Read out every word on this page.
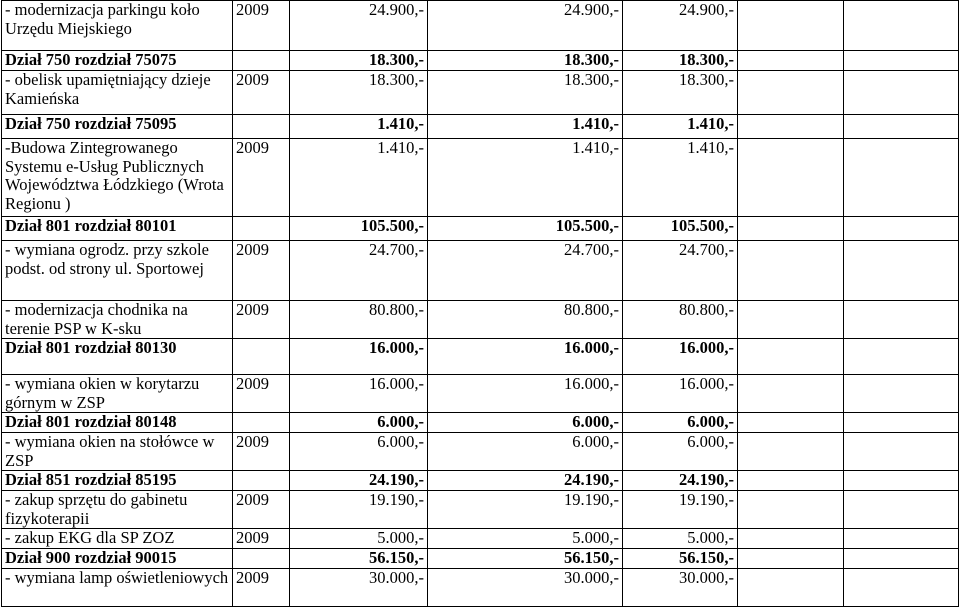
- modernizacja parkingu koło Urzędu Miejskiego	2009	24.900,-	24.900,-	24.900,-		
Dział 750 rozdział 75075		18.300,-	18.300,-	18.300,-		
- obelisk upamiętniający dzieje Kamieńska	2009	18.300,-	18.300,-	18.300,-		
Dział 750 rozdział 75095		1.410,-	1.410,-	1.410,-		
-Budowa Zintegrowanego Systemu e-Usług Publicznych Województwa Łódzkiego (Wrota Regionu )	2009	1.410,-	1.410,-	1.410,-		
Dział 801 rozdział 80101		105.500,-	105.500,-	105.500,-		
- wymiana ogrodz. przy szkole podst. od strony ul. Sportowej	2009	24.700,-	24.700,-	24.700,-		
- modernizacja chodnika na terenie PSP w K-sku	2009	80.800,-	80.800,-	80.800,-		
Dział 801 rozdział 80130		16.000,-	16.000,-	16.000,-		
- wymiana okien w korytarzu górnym w ZSP	2009	16.000,-	16.000,-	16.000,-		
Dział 801 rozdział 80148		6.000,-	6.000,-	6.000,-		
- wymiana okien na stołówce w ZSP	2009	6.000,-	6.000,-	6.000,-		
Dział 851 rozdział 85195		24.190,-	24.190,-	24.190,-		
- zakup sprzętu do gabinetu fizykoterapii	2009	19.190,-	19.190,-	19.190,-		
- zakup EKG dla SP ZOZ	2009	5.000,-	5.000,-	5.000,-		
Dział 900 rozdział 90015		56.150,-	56.150,-	56.150,-		
- wymiana lamp oświetleniowych	2009	30.000,-	30.000,-	30.000,-		
